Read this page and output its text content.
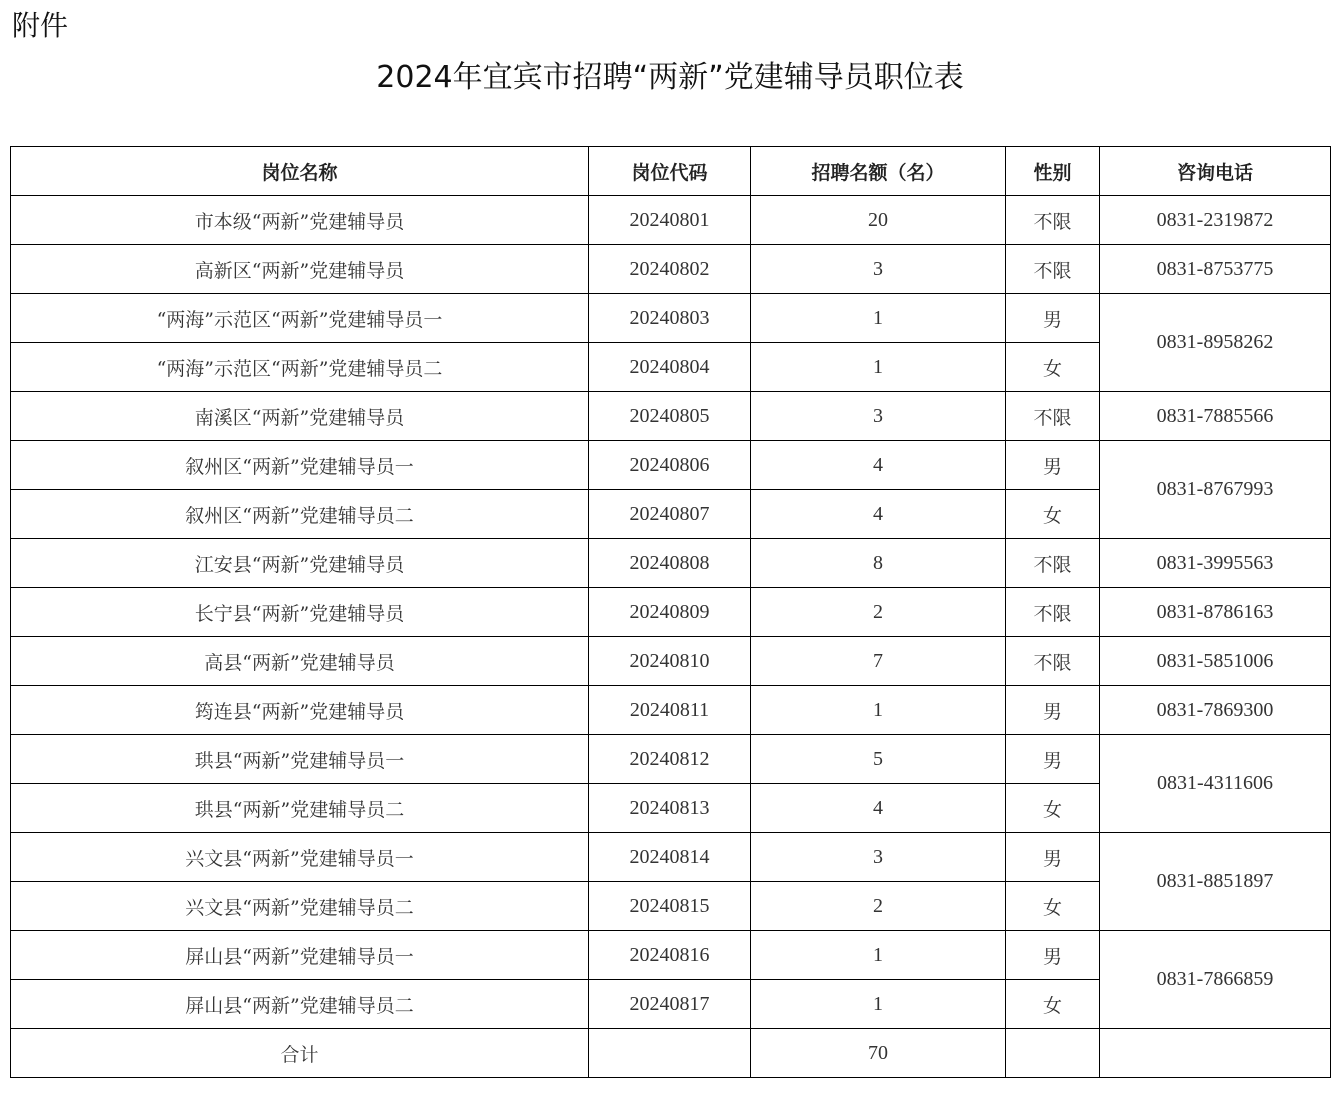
附件
2024年宜宾市招聘“两新”党建辅导员职位表
岗位名称	岗位代码	招聘名额（名）	性别	咨询电话
市本级“两新”党建辅导员	20240801	20	不限	0831-2319872
高新区“两新”党建辅导员	20240802	3	不限	0831-8753775
“两海”示范区“两新”党建辅导员一	20240803	1	男	0831-8958262
“两海”示范区“两新”党建辅导员二	20240804	1	女	
南溪区“两新”党建辅导员	20240805	3	不限	0831-7885566
叙州区“两新”党建辅导员一	20240806	4	男	0831-8767993
叙州区“两新”党建辅导员二	20240807	4	女	
江安县“两新”党建辅导员	20240808	8	不限	0831-3995563
长宁县“两新”党建辅导员	20240809	2	不限	0831-8786163
高县“两新”党建辅导员	20240810	7	不限	0831-5851006
筠连县“两新”党建辅导员	20240811	1	男	0831-7869300
珙县“两新”党建辅导员一	20240812	5	男	0831-4311606
珙县“两新”党建辅导员二	20240813	4	女	
兴文县“两新”党建辅导员一	20240814	3	男	0831-8851897
兴文县“两新”党建辅导员二	20240815	2	女	
屏山县“两新”党建辅导员一	20240816	1	男	0831-7866859
屏山县“两新”党建辅导员二	20240817	1	女	
合计		70		
